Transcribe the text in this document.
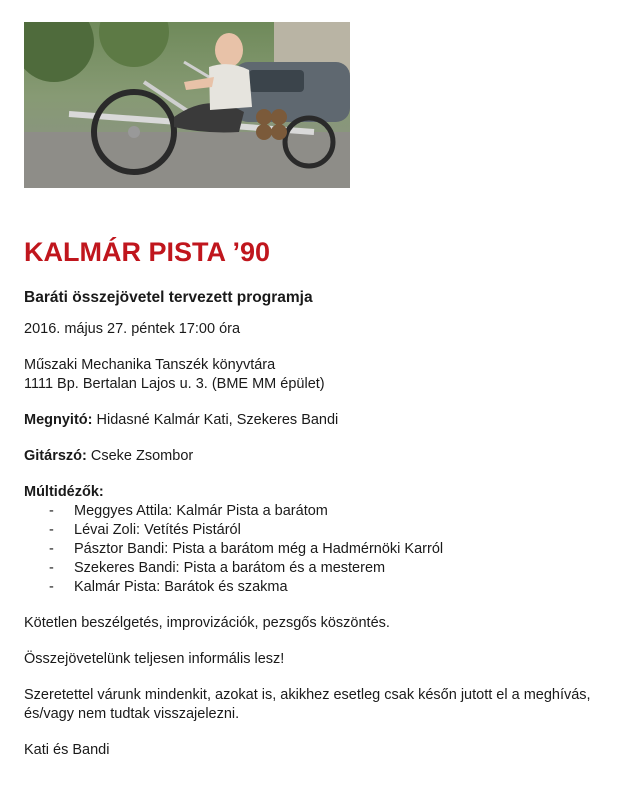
KALMÁR PISTA ’90

Baráti összejövetel tervezett programja

2016. május 27. péntek 17:00 óra

Műszaki Mechanika Tanszék könyvtára

1111 Bp. Bertalan Lajos u. 3. (BME MM épület)

Megnyitó: Hidasné Kalmár Kati, Szekeres Bandi

Gitárszó: Cseke Zsombor

Múltidézők:

- Meggyes Attila: Kalmár Pista a barátom
- Lévai Zoli: Vetítés Pistáról
- Pásztor Bandi: Pista a barátom még a Hadmérnöki Karról
- Szekeres Bandi: Pista a barátom és a mesterem
- Kalmár Pista: Barátok és szakma

Kötetlen beszélgetés, improvizációk, pezsgős köszöntés.

Összejövetelünk teljesen informális lesz!

Szeretettel várunk mindenkit, azokat is, akikhez esetleg csak későn jutott el a meghívás, és/vagy nem tudtak visszajelezni.

Kati és Bandi
